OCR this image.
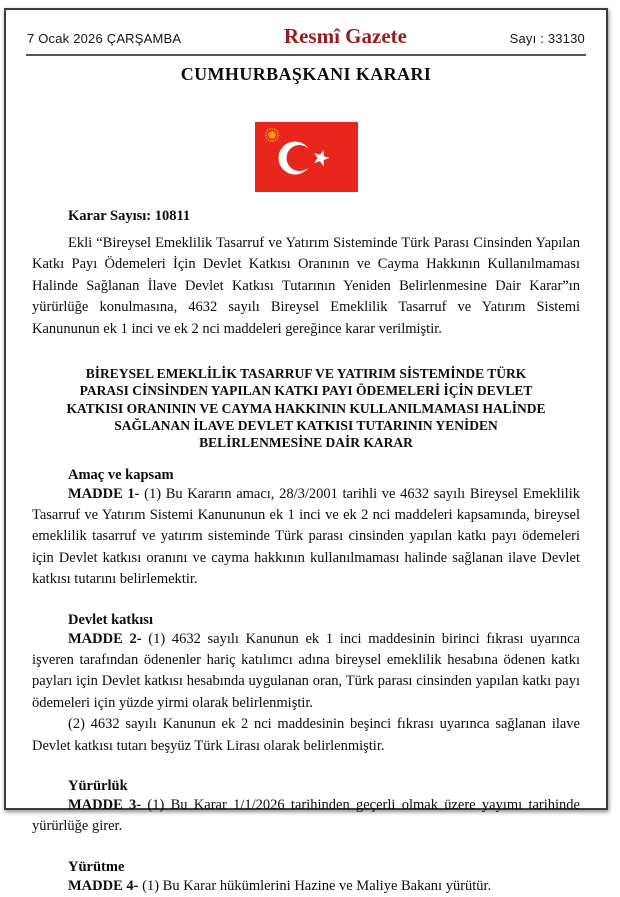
7 Ocak 2026 ÇARŞAMBA	Resmî Gazete	Sayı : 33130
CUMHURBAŞKANI KARARI

Karar Sayısı: 10811

Ekli “Bireysel Emeklilik Tasarruf ve Yatırım Sisteminde Türk Parası Cinsinden Yapılan Katkı Payı Ödemeleri İçin Devlet Katkısı Oranının ve Cayma Hakkının Kullanılmaması Halinde Sağlanan İlave Devlet Katkısı Tutarının Yeniden Belirlenmesine Dair Karar”ın yürürlüğe konulmasına, 4632 sayılı Bireysel Emeklilik Tasarruf ve Yatırım Sistemi Kanununun ek 1 inci ve ek 2 nci maddeleri gereğince karar verilmiştir.

BİREYSEL EMEKLİLİK TASARRUF VE YATIRIM SİSTEMİNDE TÜRK
PARASI CİNSİNDEN YAPILAN KATKI PAYI ÖDEMELERİ İÇİN DEVLET
KATKISI ORANININ VE CAYMA HAKKININ KULLANILMAMASI HALİNDE
SAĞLANAN İLAVE DEVLET KATKISI TUTARININ YENİDEN
BELİRLENMESİNE DAİR KARAR
Amaç ve kapsam

MADDE 1- (1) Bu Kararın amacı, 28/3/2001 tarihli ve 4632 sayılı Bireysel Emeklilik Tasarruf ve Yatırım Sistemi Kanununun ek 1 inci ve ek 2 nci maddeleri kapsamında, bireysel emeklilik tasarruf ve yatırım sisteminde Türk parası cinsinden yapılan katkı payı ödemeleri için Devlet katkısı oranını ve cayma hakkının kullanılmaması halinde sağlanan ilave Devlet katkısı tutarını belirlemektir.

Devlet katkısı

MADDE 2- (1) 4632 sayılı Kanunun ek 1 inci maddesinin birinci fıkrası uyarınca işveren tarafından ödenenler hariç katılımcı adına bireysel emeklilik hesabına ödenen katkı payları için Devlet katkısı hesabında uygulanan oran, Türk parası cinsinden yapılan katkı payı ödemeleri için yüzde yirmi olarak belirlenmiştir.

(2) 4632 sayılı Kanunun ek 2 nci maddesinin beşinci fıkrası uyarınca sağlanan ilave Devlet katkısı tutarı beşyüz Türk Lirası olarak belirlenmiştir.

Yürürlük

MADDE 3- (1) Bu Karar 1/1/2026 tarihinden geçerli olmak üzere yayımı tarihinde yürürlüğe girer.

Yürütme

MADDE 4- (1) Bu Karar hükümlerini Hazine ve Maliye Bakanı yürütür.
